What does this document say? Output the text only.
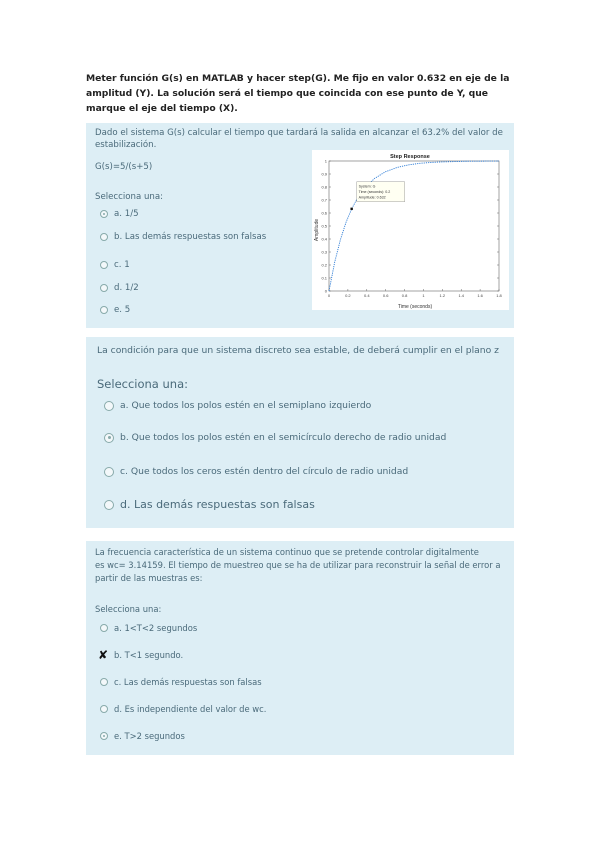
Meter función G(s) en MATLAB y hacer step(G). Me fijo en valor 0.632 en eje de la amplitud (Y). La solución será el tiempo que coincida con ese punto de Y, que marque el eje del tiempo (X).
Dado el sistema G(s) calcular el tiempo que tardará la salida en alcanzar el 63.2% del valor de estabilización.
G(s)=5/(s+5)
Selecciona una:
a. 1/5
b. Las demás respuestas son falsas
c. 1
d. 1/2
e. 5
Step Response
Amplitude
Time (seconds)
0
0.1
0.2
0.3
0.4
0.5
0.6
0.7
0.8
0.9
1
0	0.2	0.4	0.6	0.8	1	1.2	1.4	1.6	1.8
System: G
Time (seconds): 0.2
Amplitude: 0.632
La condición para que un sistema discreto sea estable, de deberá cumplir en el plano z
Selecciona una:
a. Que todos los polos estén en el semiplano izquierdo
b. Que todos los polos estén en el semicírculo derecho de radio unidad
c. Que todos los ceros estén dentro del círculo de radio unidad
d. Las demás respuestas son falsas
La frecuencia característica de un sistema continuo que se pretende controlar digitalmente
es wc= 3.14159. El tiempo de muestreo que se ha de utilizar para reconstruir la señal de error a
partir de las muestras es:
Selecciona una:
a. 1<T<2 segundos
✘ b. T<1 segundo.
c. Las demás respuestas son falsas
d. Es independiente del valor de wc.
e. T>2 segundos
